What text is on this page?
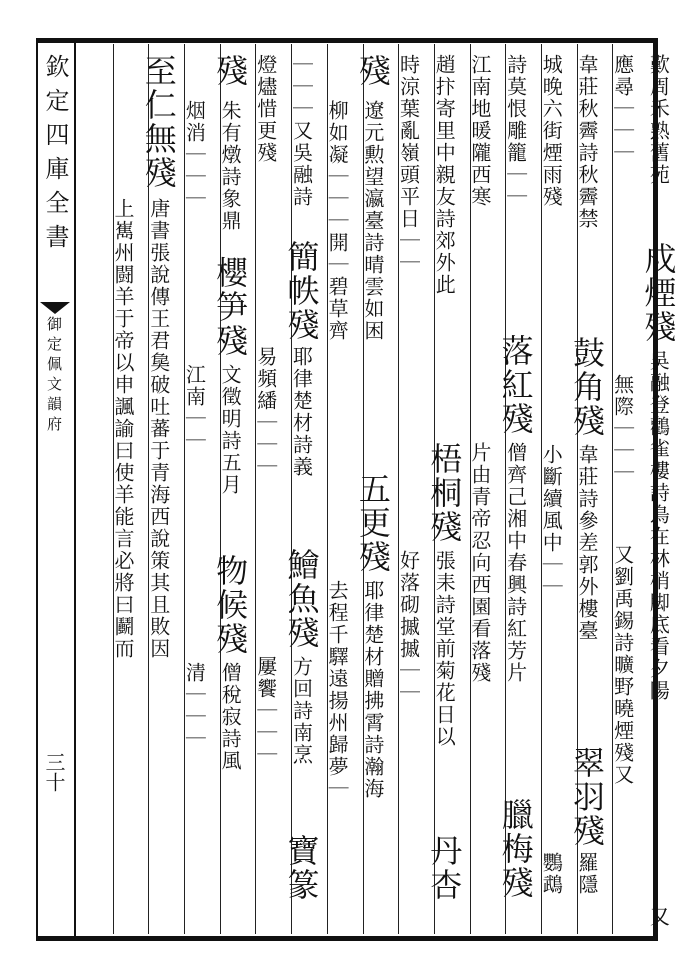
欽定四庫全書
御定佩文韻府
三十
歎周禾熟舊苑
戍煙殘
吳融登鸛雀樓詩鳥在林梢脚底看夕陽
又
應尋｜｜｜
無際｜｜｜
又劉禹錫詩曠野曉煙殘又
韋莊秋霽詩秋霽禁
鼓角殘
韋莊詩參差郭外樓臺
翠羽殘
羅隱
城晚六街煙雨殘
小斷續風中｜｜
鸚鵡
詩莫恨雕籠｜｜
落紅殘
僧齊己湘中春興詩紅芳片
臘梅殘
江南地暖隴西寒
片由青帝忍向西園看落殘
趙抃寄里中親友詩郊外此
梧桐殘
張耒詩堂前菊花日以
丹杏
時涼葉亂嶺頭平日｜｜
好落砌摵摵｜｜
殘
遼元勲望瀛臺詩晴雲如困
五更殘
耶律楚材贈拂霄詩瀚海
柳如凝｜｜｜開｜碧草齊
去程千驛遠揚州歸夢｜
｜｜｜又吳融詩
簡帙殘
耶律楚材詩義
鱠魚殘
方回詩南烹
寶篆
燈燼惜更殘
易頻繙｜｜｜
屢饗｜｜｜
殘
朱有燉詩象鼎
櫻笋殘
文徵明詩五月
物候殘
僧稅寂詩風
烟消｜｜｜
江南｜｜
清｜｜｜
至仁無殘
唐書張說傳王君㚟破吐蕃于青海西說策其且敗因
上嶲州闘羊于帝以申諷諭曰使羊能言必將曰鬬而
